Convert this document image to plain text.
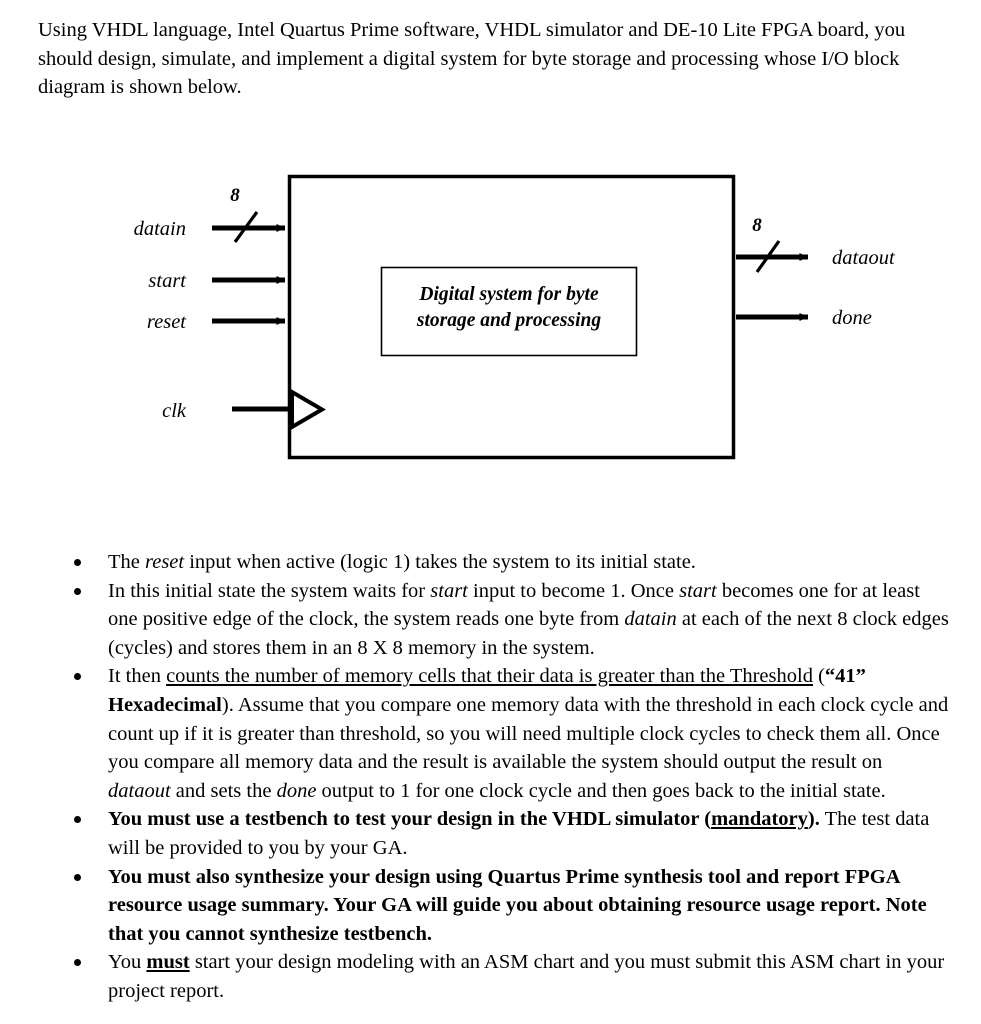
Using VHDL language, Intel Quartus Prime software, VHDL simulator and DE-10 Lite FPGA board, you should design, simulate, and implement a digital system for byte storage and processing whose I/O block diagram is shown below.
Digital system for byte
storage and processing
datain
8
start
reset
clk
8
dataout
done
The reset input when active (logic 1) takes the system to its initial state.
In this initial state the system waits for start input to become 1. Once start becomes one for at least one positive edge of the clock, the system reads one byte from datain at each of the next 8 clock edges (cycles) and stores them in an 8 X 8 memory in the system.
It then counts the number of memory cells that their data is greater than the Threshold (“41” Hexadecimal). Assume that you compare one memory data with the threshold in each clock cycle and count up if it is greater than threshold, so you will need multiple clock cycles to check them all. Once you compare all memory data and the result is available the system should output the result on dataout and sets the done output to 1 for one clock cycle and then goes back to the initial state.
You must use a testbench to test your design in the VHDL simulator (mandatory). The test data will be provided to you by your GA.
You must also synthesize your design using Quartus Prime synthesis tool and report FPGA resource usage summary. Your GA will guide you about obtaining resource usage report. Note that you cannot synthesize testbench.
You must start your design modeling with an ASM chart and you must submit this ASM chart in your project report.
